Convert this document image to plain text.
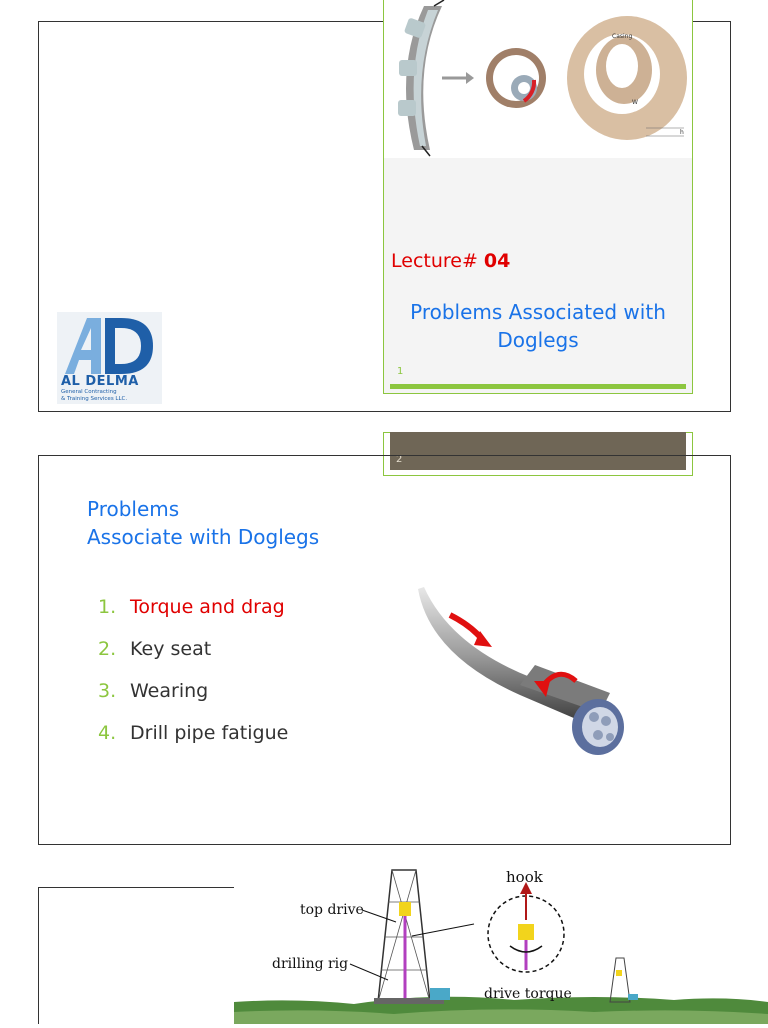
AL DELMA
General Contracting
& Training Services LLC.
Casing
W
h
Lecture# 04
Problems Associated with
Doglegs
1
2
Problems
Associate with Doglegs
1. Torque and drag
2. Key seat
3. Wearing
4. Drill pipe fatigue
hook
top drive
drilling rig
drive torque
